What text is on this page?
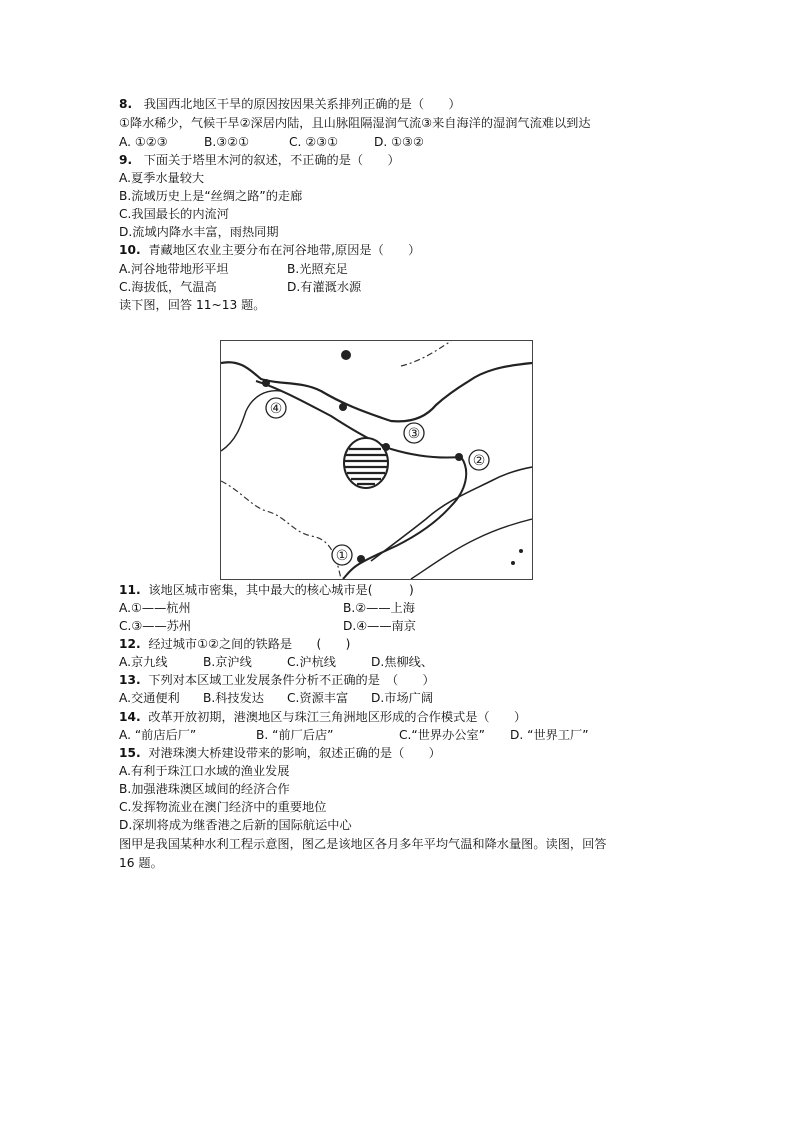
8. 我国西北地区干旱的原因按因果关系排列正确的是（　　）
①降水稀少，气候干旱②深居内陆，且山脉阻隔湿润气流③来自海洋的湿润气流难以到达
A. ①②③	B.③②①	C. ②③①	D. ①③②
9. 下面关于塔里木河的叙述，不正确的是（　　）
A.夏季水量较大
B.流域历史上是“丝绸之路”的走廊
C.我国最长的内流河
D.流域内降水丰富，雨热同期
10. 青藏地区农业主要分布在河谷地带,原因是（　　）
A.河谷地带地形平坦	B.光照充足
C.海拔低，气温高	D.有灌溉水源
读下图，回答 11~13 题。
④
③
②
①
11. 该地区城市密集，其中最大的核心城市是(　　　)
A.①——杭州	B.②——上海
C.③——苏州	D.④——南京
12. 经过城市①②之间的铁路是　　(　　)
A.京九线	B.京沪线	C.沪杭线	D.焦柳线、
13. 下列对本区域工业发展条件分析不正确的是　（　　）
A.交通便利 B.科技发达 C.资源丰富 D.市场广阔
14. 改革开放初期，港澳地区与珠江三角洲地区形成的合作模式是（　　）
A. “前店后厂”	B. “前厂后店”	C.“世界办公室” D. “世界工厂”
15. 对港珠澳大桥建设带来的影响，叙述正确的是（　　）
A.有利于珠江口水域的渔业发展
B.加强港珠澳区域间的经济合作
C.发挥物流业在澳门经济中的重要地位
D.深圳将成为继香港之后新的国际航运中心
图甲是我国某种水利工程示意图，图乙是该地区各月多年平均气温和降水量图。读图，回答
16 题。
